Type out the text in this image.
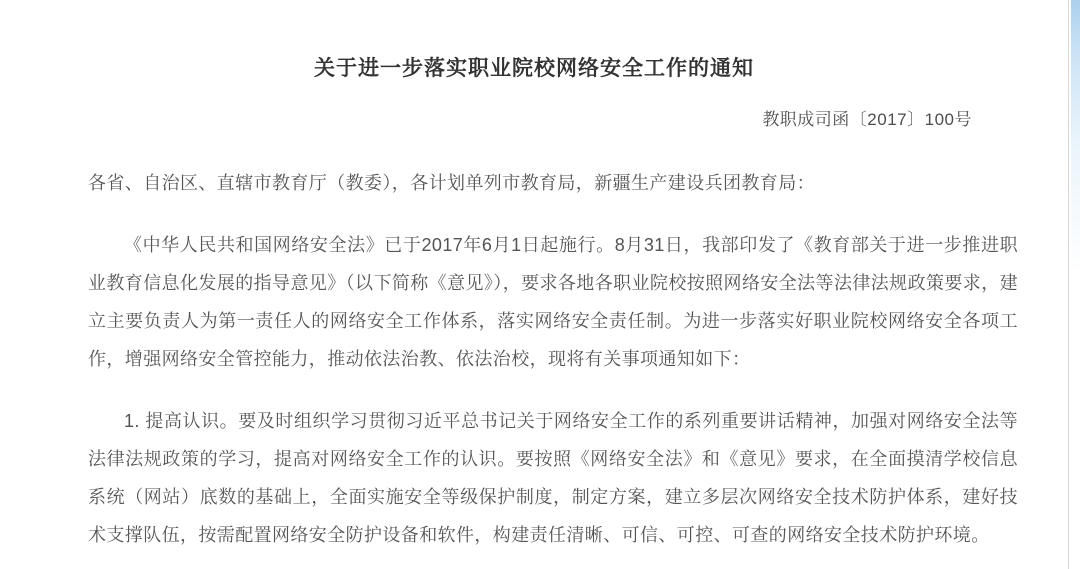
关于进一步落实职业院校网络安全工作的通知
教职成司函〔2017〕100号

各省、自治区、直辖市教育厅（教委），各计划单列市教育局，新疆生产建设兵团教育局：

《中华人民共和国网络安全法》已于2017年6月1日起施行。8月31日，我部印发了《教育部关于进一步推进职业教育信息化发展的指导意见》（以下简称《意见》），要求各地各职业院校按照网络安全法等法律法规政策要求，建立主要负责人为第一责任人的网络安全工作体系，落实网络安全责任制。为进一步落实好职业院校网络安全各项工作，增强网络安全管控能力，推动依法治教、依法治校，现将有关事项通知如下：

1. 提高认识。要及时组织学习贯彻习近平总书记关于网络安全工作的系列重要讲话精神，加强对网络安全法等法律法规政策的学习，提高对网络安全工作的认识。要按照《网络安全法》和《意见》要求，在全面摸清学校信息系统（网站）底数的基础上，全面实施安全等级保护制度，制定方案，建立多层次网络安全技术防护体系，建好技术支撑队伍，按需配置网络安全防护设备和软件，构建责任清晰、可信、可控、可查的网络安全技术防护环境。
